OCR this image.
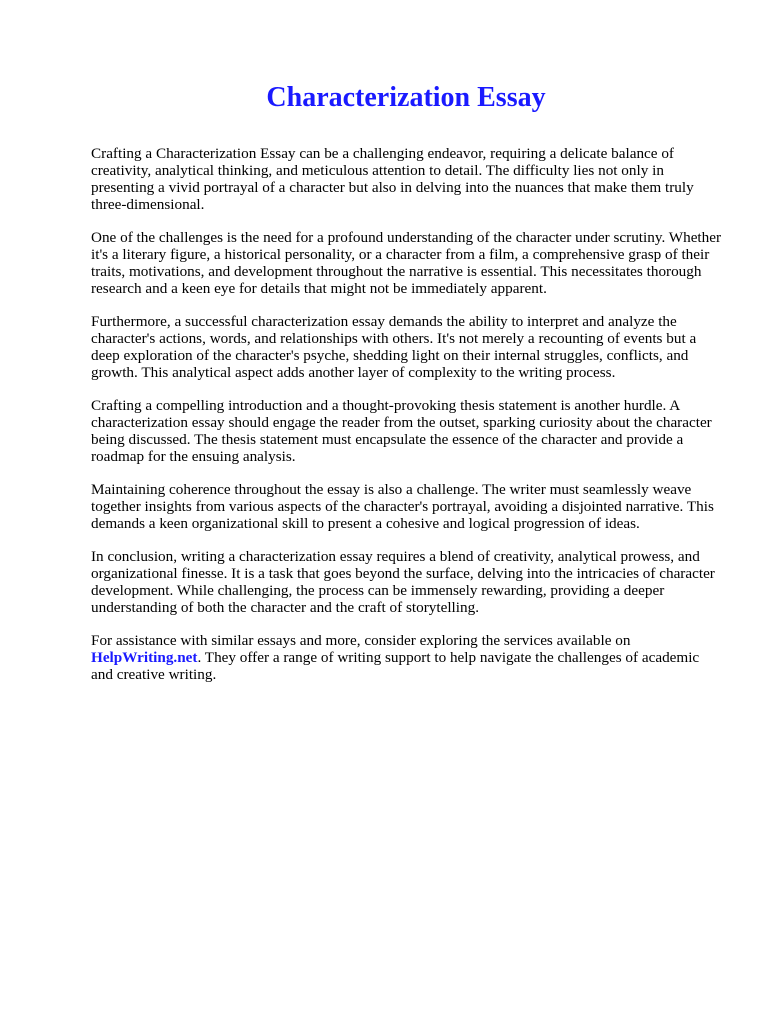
Characterization Essay

Crafting a Characterization Essay can be a challenging endeavor, requiring a delicate balance of creativity, analytical thinking, and meticulous attention to detail. The difficulty lies not only in presenting a vivid portrayal of a character but also in delving into the nuances that make them truly three-dimensional.

One of the challenges is the need for a profound understanding of the character under scrutiny. Whether it's a literary figure, a historical personality, or a character from a film, a comprehensive grasp of their traits, motivations, and development throughout the narrative is essential. This necessitates thorough research and a keen eye for details that might not be immediately apparent.

Furthermore, a successful characterization essay demands the ability to interpret and analyze the character's actions, words, and relationships with others. It's not merely a recounting of events but a deep exploration of the character's psyche, shedding light on their internal struggles, conflicts, and growth. This analytical aspect adds another layer of complexity to the writing process.

Crafting a compelling introduction and a thought-provoking thesis statement is another hurdle. A characterization essay should engage the reader from the outset, sparking curiosity about the character being discussed. The thesis statement must encapsulate the essence of the character and provide a roadmap for the ensuing analysis.

Maintaining coherence throughout the essay is also a challenge. The writer must seamlessly weave together insights from various aspects of the character's portrayal, avoiding a disjointed narrative. This demands a keen organizational skill to present a cohesive and logical progression of ideas.

In conclusion, writing a characterization essay requires a blend of creativity, analytical prowess, and organizational finesse. It is a task that goes beyond the surface, delving into the intricacies of character development. While challenging, the process can be immensely rewarding, providing a deeper understanding of both the character and the craft of storytelling.

For assistance with similar essays and more, consider exploring the services available on HelpWriting.net. They offer a range of writing support to help navigate the challenges of academic and creative writing.
